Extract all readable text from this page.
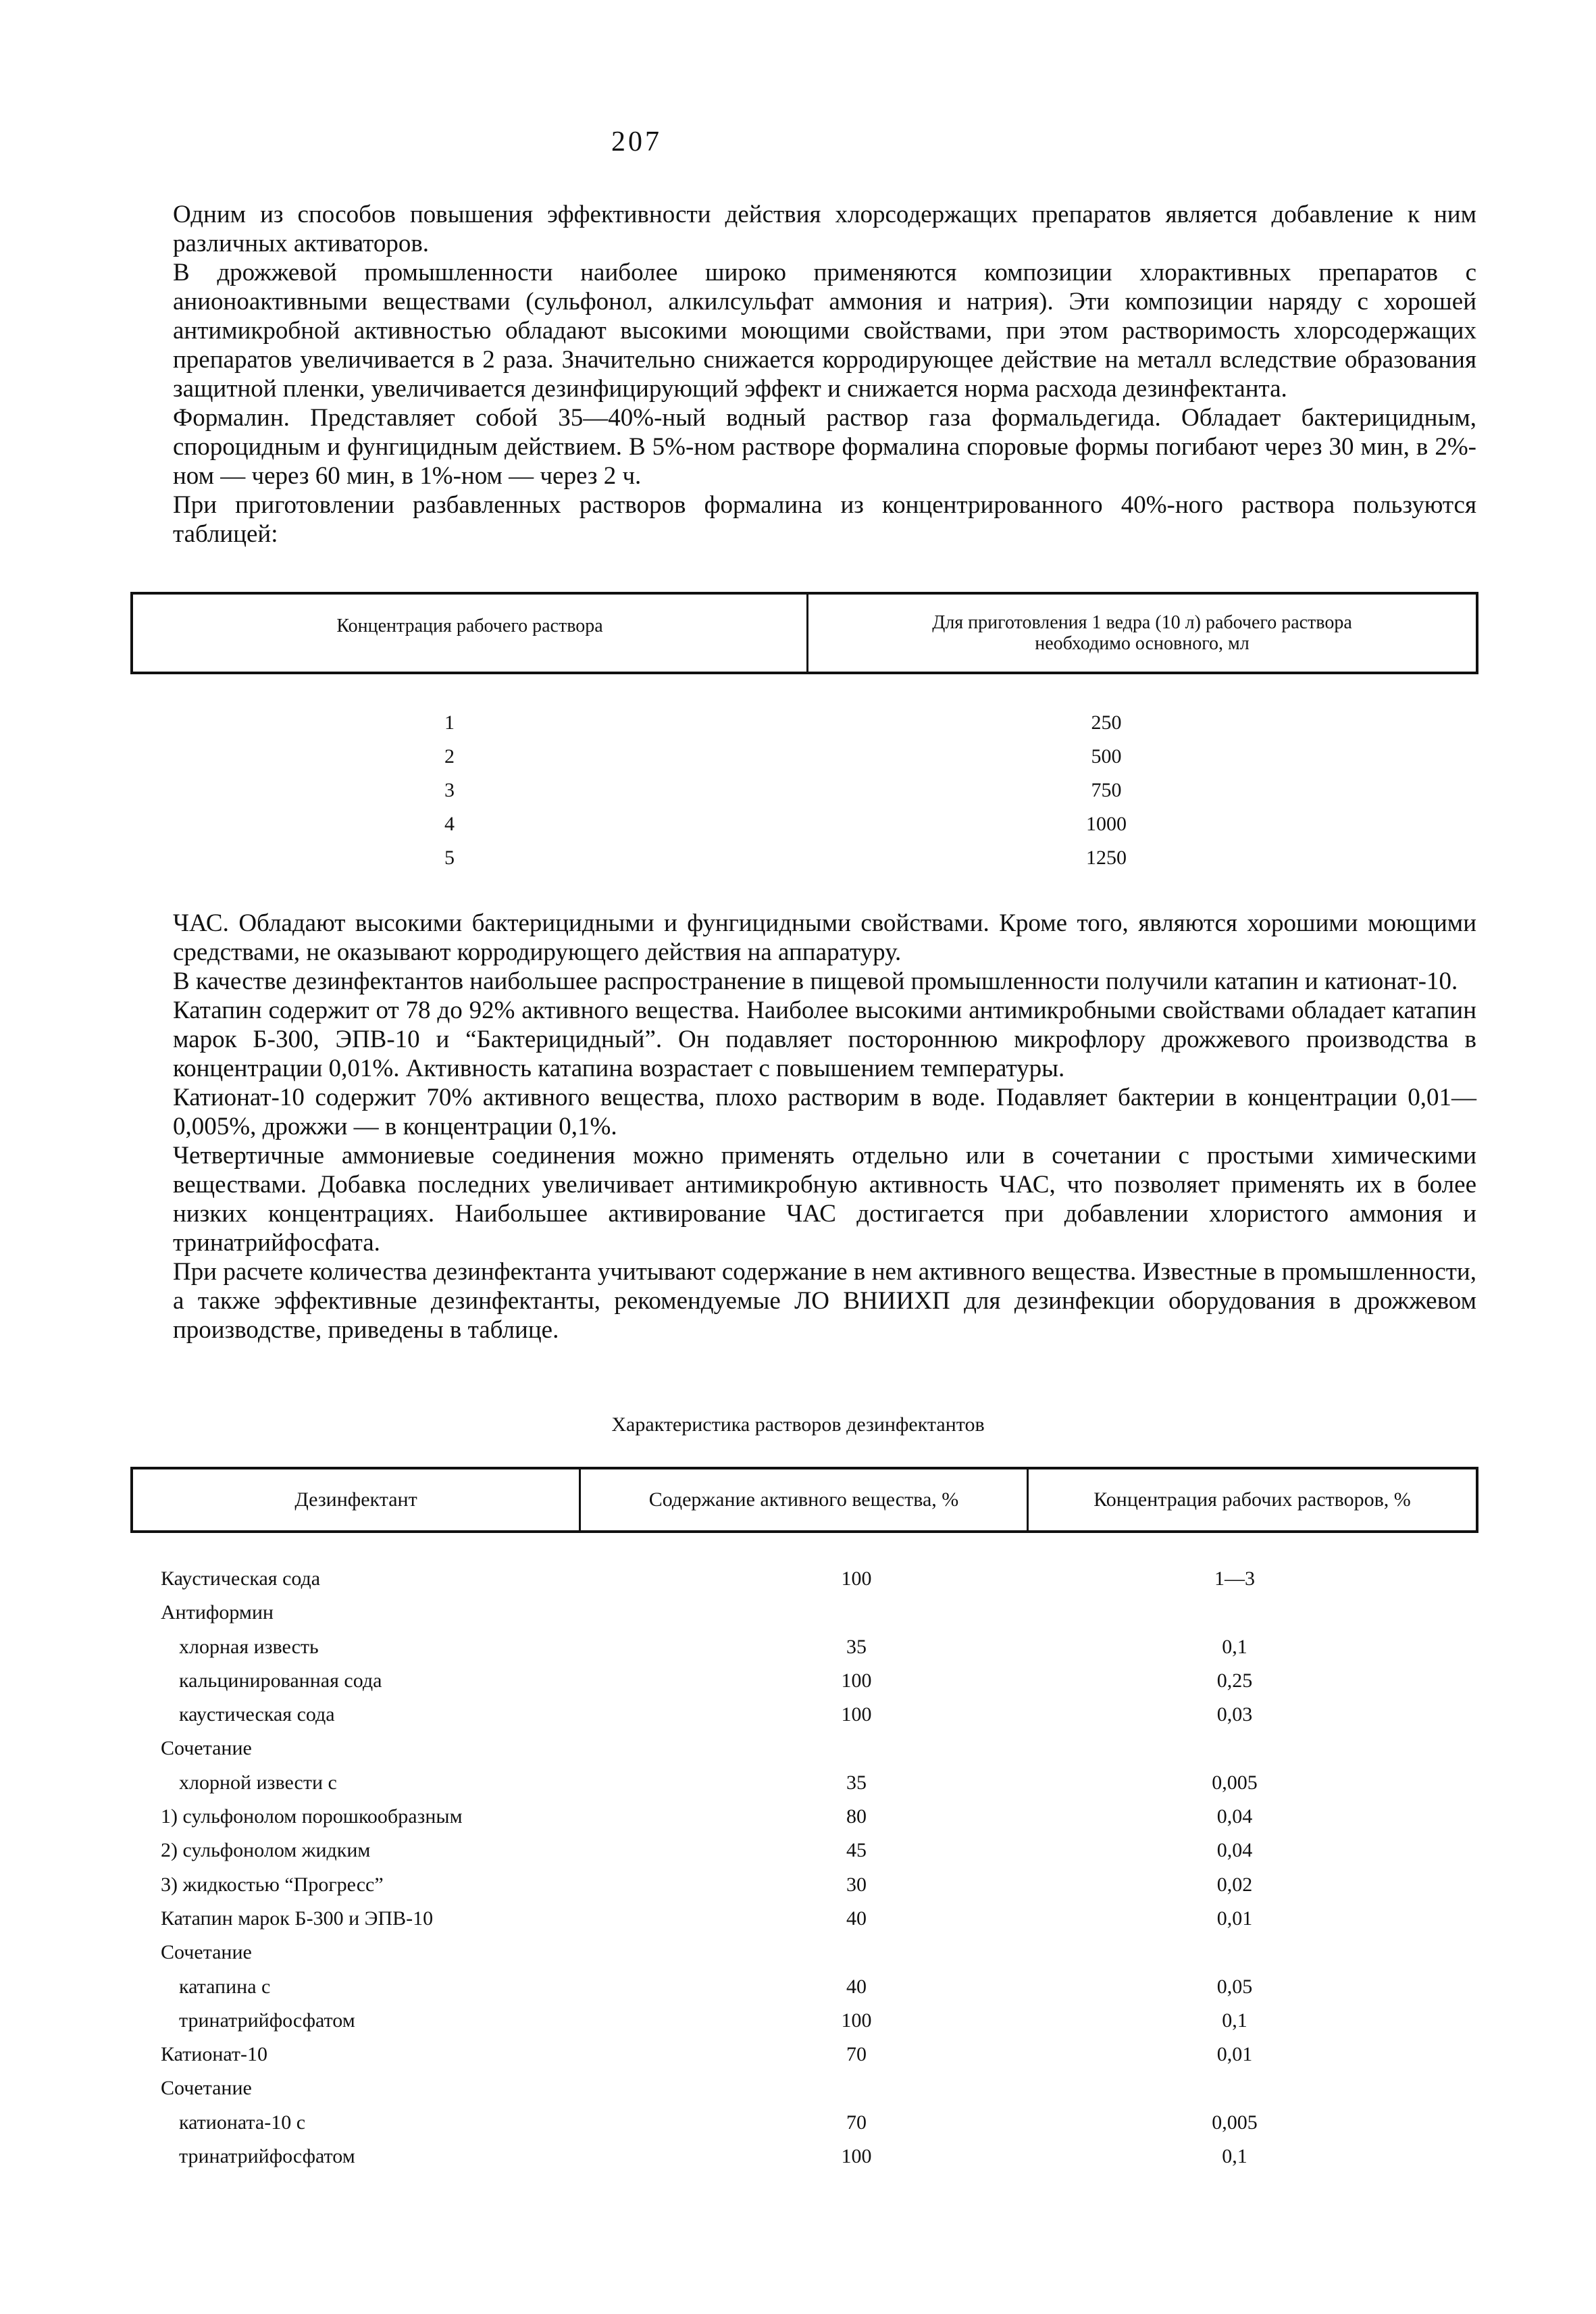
207

Одним из способов повышения эффективности действия хлорсодержащих препаратов является добавление к ним различных активаторов.

В дрожжевой промышленности наиболее широко применяются композиции хлорактивных препаратов с анионоактивными веществами (сульфонол, алкилсульфат аммония и натрия). Эти композиции наряду с хорошей антимикробной активностью обладают высокими моющими свойствами, при этом растворимость хлорсодержащих препаратов увеличивается в 2 раза. Значительно снижается корродирующее действие на металл вследствие образования защитной пленки, увеличивается дезинфицирующий эффект и снижается норма расхода дезинфектанта.

Формалин. Представляет собой 35—40%-ный водный раствор газа формальдегида. Обладает бактерицидным, спороцидным и фунгицидным действием. В 5%-ном растворе формалина споровые формы погибают через 30 мин, в 2%-ном — через 60 мин, в 1%-ном — через 2 ч.

При приготовлении разбавленных растворов формалина из концентрированного 40%-ного раствора пользуются таблицей:

Концентрация рабочего раствора	Для приготовления 1 ведра (10 л) рабочего раствора
необходимо основного, мл
1	250
2	500
3	750
4	1000
5	1250

ЧАС. Обладают высокими бактерицидными и фунгицидными свойствами. Кроме того, являются хорошими моющими средствами, не оказывают корродирующего действия на аппаратуру.

В качестве дезинфектантов наибольшее распространение в пищевой промышленности получили катапин и катионат-10.

Катапин содержит от 78 до 92% активного вещества. Наиболее высокими антимикробными свойствами обладает катапин марок Б-300, ЭПВ-10 и “Бактерицидный”. Он подавляет постороннюю микрофлору дрожжевого производства в концентрации 0,01%. Активность катапина возрастает с повышением температуры.

Катионат-10 содержит 70% активного вещества, плохо растворим в воде. Подавляет бактерии в концентрации 0,01—0,005%, дрожжи — в концентрации 0,1%.

Четвертичные аммониевые соединения можно применять отдельно или в сочетании с простыми химическими веществами. Добавка последних увеличивает антимикробную активность ЧАС, что позволяет применять их в более низких концентрациях. Наибольшее активирование ЧАС достигается при добавлении хлористого аммония и тринатрийфосфата.

При расчете количества дезинфектанта учитывают содержание в нем активного вещества. Известные в промышленности, а также эффективные дезинфектанты, рекомендуемые ЛО ВНИИХП для дезинфекции оборудования в дрожжевом производстве, приведены в таблице.

Характеристика растворов дезинфектантов
Дезинфектант	Содержание активного вещества, %	Концентрация рабочих растворов, %
Каустическая сода	100	1—3
Антиформин
хлорная известь	35	0,1
кальцинированная сода	100	0,25
каустическая сода	100	0,03
Сочетание
хлорной извести с	35	0,005
1) сульфонолом порошкообразным	80	0,04
2) сульфонолом жидким	45	0,04
3) жидкостью “Прогресс”	30	0,02
Катапин марок Б-300 и ЭПВ-10	40	0,01
Сочетание
катапина с	40	0,05
тринатрийфосфатом	100	0,1
Катионат-10	70	0,01
Сочетание
катионата-10 с	70	0,005
тринатрийфосфатом	100	0,1
